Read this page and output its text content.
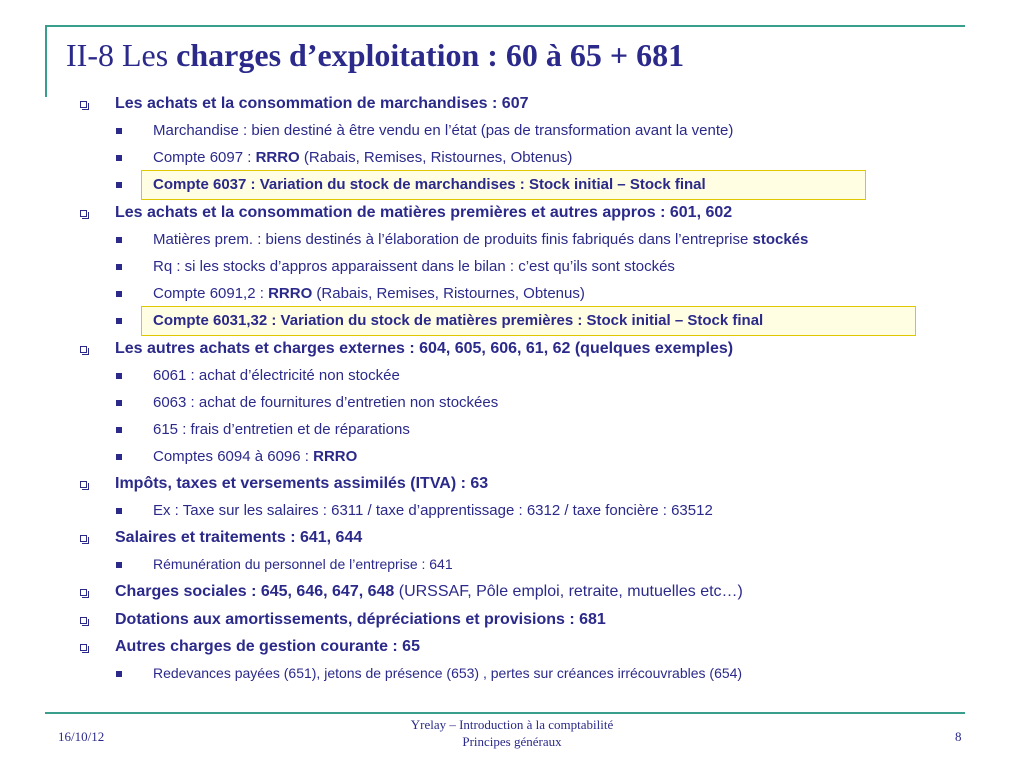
II-8 Les charges d’exploitation : 60 à 65 + 681
Les achats et la consommation de marchandises : 607
Marchandise : bien destiné à être vendu en l’état (pas de transformation avant la vente)
Compte 6097 : RRRO (Rabais, Remises, Ristournes, Obtenus)
Compte 6037 : Variation du stock de marchandises : Stock initial – Stock final
Les achats et la consommation de matières premières et autres appros : 601, 602
Matières prem. : biens destinés à l’élaboration de produits finis fabriqués dans l’entreprise stockés
Rq : si les stocks d’appros apparaissent dans le bilan : c’est qu’ils sont stockés
Compte 6091,2 : RRRO (Rabais, Remises, Ristournes, Obtenus)
Compte 6031,32 : Variation du stock de matières premières : Stock initial – Stock final
Les autres achats et charges externes : 604, 605, 606, 61, 62 (quelques exemples)
6061 : achat d’électricité non stockée
6063 : achat de fournitures d’entretien non stockées
615 : frais d’entretien et de réparations
Comptes 6094 à 6096 : RRRO
Impôts, taxes et versements assimilés (ITVA) : 63
Ex : Taxe sur les salaires : 6311 / taxe d’apprentissage : 6312 / taxe foncière : 63512
Salaires et traitements : 641, 644
Rémunération du personnel de l’entreprise : 641
Charges sociales : 645, 646, 647, 648 (URSSAF, Pôle emploi, retraite, mutuelles etc…)
Dotations aux amortissements, dépréciations et provisions : 681
Autres charges de gestion courante : 65
Redevances payées (651), jetons de présence (653) , pertes sur créances irrécouvrables (654)
16/10/12
Yrelay – Introduction à la comptabilité
Principes généraux	8
